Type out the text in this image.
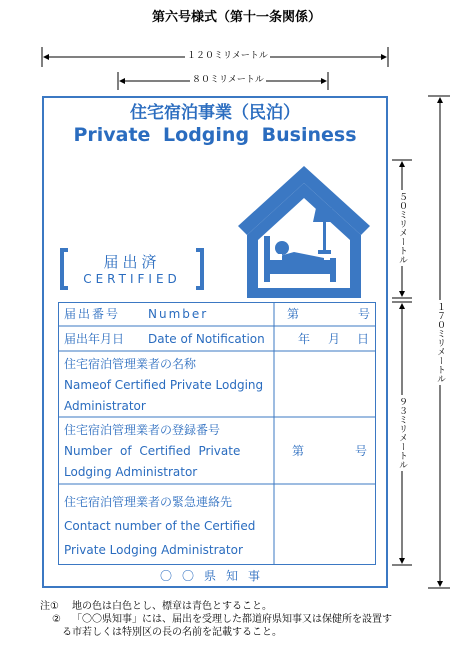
第六号様式（第十一条関係）
１２０ミリメートル
８０ミリメートル
５０ミリメートル
９３ミリメートル
１７０ミリメートル
住宅宿泊事業（民泊）
Private Lodging Business
届出済
CERTIFIED
届出番号 Number	第	号
届出年月日 Date of Notification	年 月 日
住宅宿泊管理業者の名称
Nameof Certified Private Lodging
Administrator
住宅宿泊管理業者の登録番号
Number of Certified Private
Lodging Administrator
第	号
住宅宿泊管理業者の緊急連絡先
Contact number of the Certified
Private Lodging Administrator
〇〇県知事
注① 地の色は白色とし、標章は青色とすること。
② 「〇〇県知事」には、届出を受理した都道府県知事又は保健所を設置す
る市若しくは特別区の長の名前を記載すること。
